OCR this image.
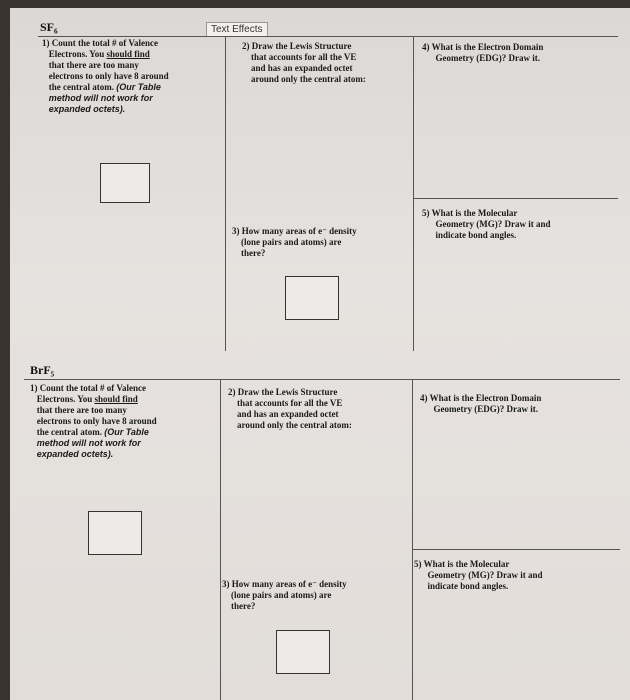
SF₆	Text Effects
1) Count the total # of Valence
Electrons. You should find
that there are too many
electrons to only have 8 around
the central atom. (Our Table
method will not work for
expanded octets).
2) Draw the Lewis Structure
that accounts for all the VE
and has an expanded octet
around only the central atom:
3) How many areas of e⁻ density
(lone pairs and atoms) are
there?
4) What is the Electron Domain
Geometry (EDG)? Draw it.
5) What is the Molecular
Geometry (MG)? Draw it and
indicate bond angles.
BrF₅
1) Count the total # of Valence
Electrons. You should find
that there are too many
electrons to only have 8 around
the central atom. (Our Table
method will not work for
expanded octets).
2) Draw the Lewis Structure
that accounts for all the VE
and has an expanded octet
around only the central atom:
3) How many areas of e⁻ density
(lone pairs and atoms) are
there?
4) What is the Electron Domain
Geometry (EDG)? Draw it.
5) What is the Molecular
Geometry (MG)? Draw it and
indicate bond angles.
